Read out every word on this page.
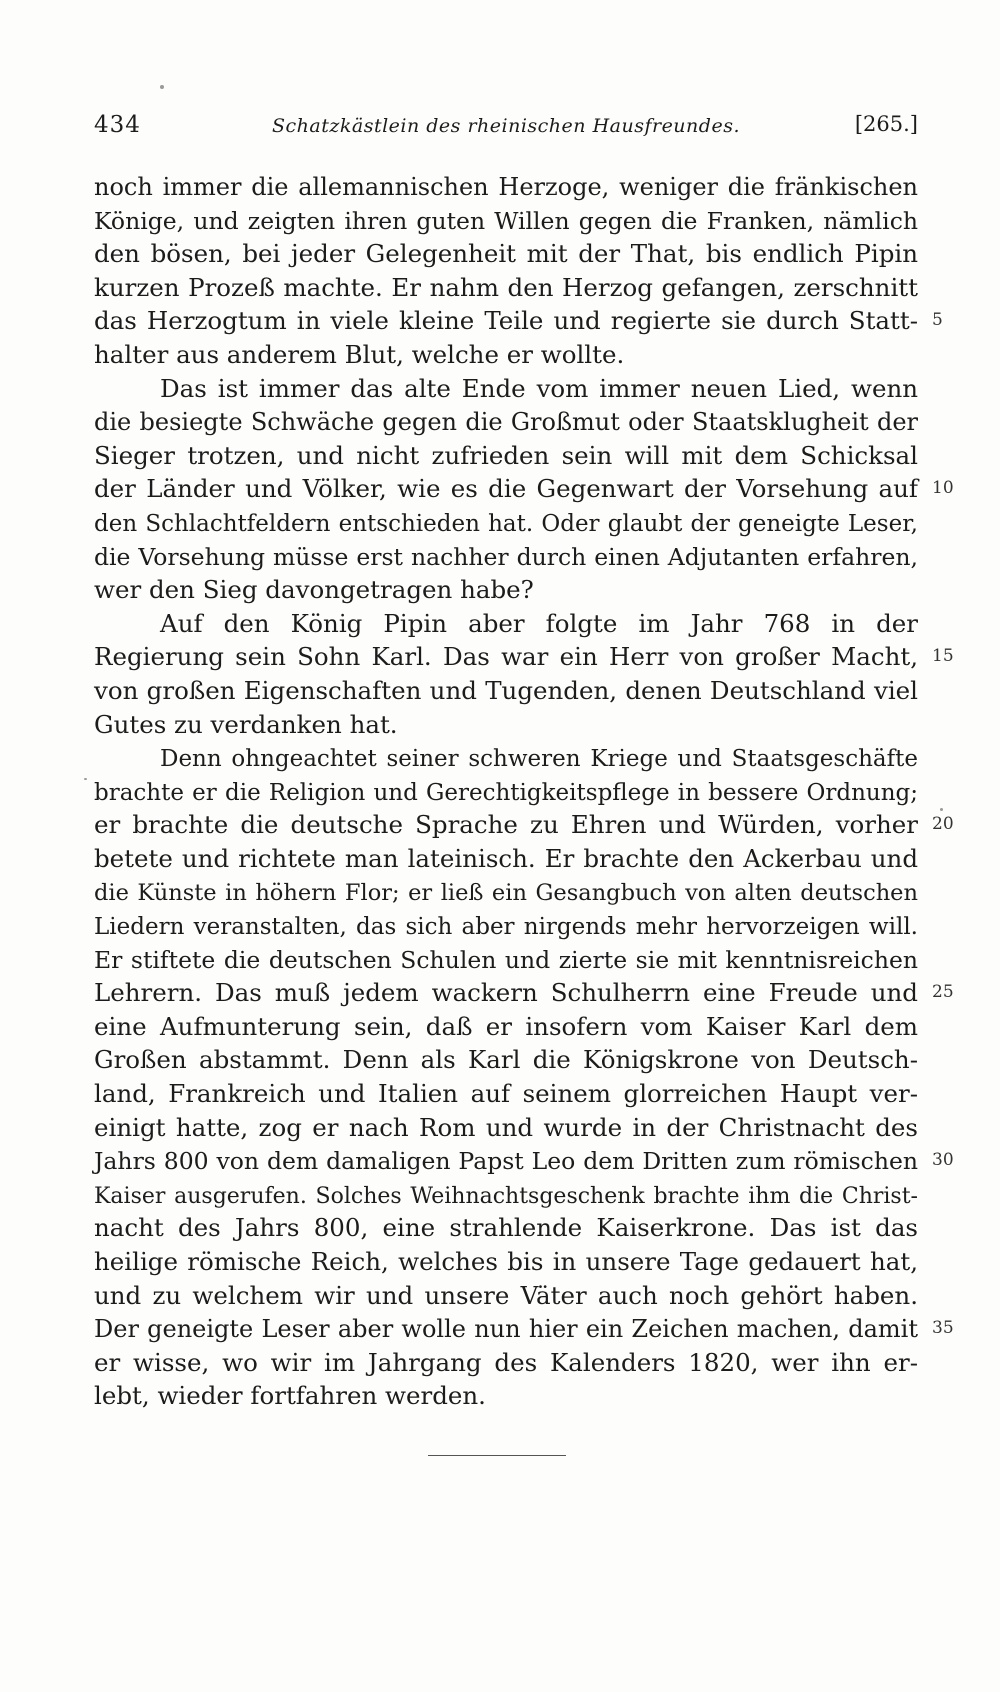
434	Schatzkästlein des rheinischen Hausfreundes.	[265.]
noch immer die allemannischen Herzoge, weniger die fränkischen
Könige, und zeigten ihren guten Willen gegen die Franken, nämlich
den bösen, bei jeder Gelegenheit mit der That, bis endlich Pipin
kurzen Prozeß machte. Er nahm den Herzog gefangen, zerschnitt
das Herzogtum in viele kleine Teile und regierte sie durch Statt- 5
halter aus anderem Blut, welche er wollte.
Das ist immer das alte Ende vom immer neuen Lied, wenn
die besiegte Schwäche gegen die Großmut oder Staatsklugheit der
Sieger trotzen, und nicht zufrieden sein will mit dem Schicksal
der Länder und Völker, wie es die Gegenwart der Vorsehung auf 10
den Schlachtfeldern entschieden hat. Oder glaubt der geneigte Leser,
die Vorsehung müsse erst nachher durch einen Adjutanten erfahren,
wer den Sieg davongetragen habe?
Auf den König Pipin aber folgte im Jahr 768 in der
Regierung sein Sohn Karl. Das war ein Herr von großer Macht, 15
von großen Eigenschaften und Tugenden, denen Deutschland viel
Gutes zu verdanken hat.
Denn ohngeachtet seiner schweren Kriege und Staatsgeschäfte
brachte er die Religion und Gerechtigkeitspflege in bessere Ordnung;
er brachte die deutsche Sprache zu Ehren und Würden, vorher 20
betete und richtete man lateinisch. Er brachte den Ackerbau und
die Künste in höhern Flor; er ließ ein Gesangbuch von alten deutschen
Liedern veranstalten, das sich aber nirgends mehr hervorzeigen will.
Er stiftete die deutschen Schulen und zierte sie mit kenntnisreichen
Lehrern. Das muß jedem wackern Schulherrn eine Freude und 25
eine Aufmunterung sein, daß er insofern vom Kaiser Karl dem
Großen abstammt. Denn als Karl die Königskrone von Deutsch-
land, Frankreich und Italien auf seinem glorreichen Haupt ver-
einigt hatte, zog er nach Rom und wurde in der Christnacht des
Jahrs 800 von dem damaligen Papst Leo dem Dritten zum römischen 30
Kaiser ausgerufen. Solches Weihnachtsgeschenk brachte ihm die Christ-
nacht des Jahrs 800, eine strahlende Kaiserkrone. Das ist das
heilige römische Reich, welches bis in unsere Tage gedauert hat,
und zu welchem wir und unsere Väter auch noch gehört haben.
Der geneigte Leser aber wolle nun hier ein Zeichen machen, damit 35
er wisse, wo wir im Jahrgang des Kalenders 1820, wer ihn er-
lebt, wieder fortfahren werden.
